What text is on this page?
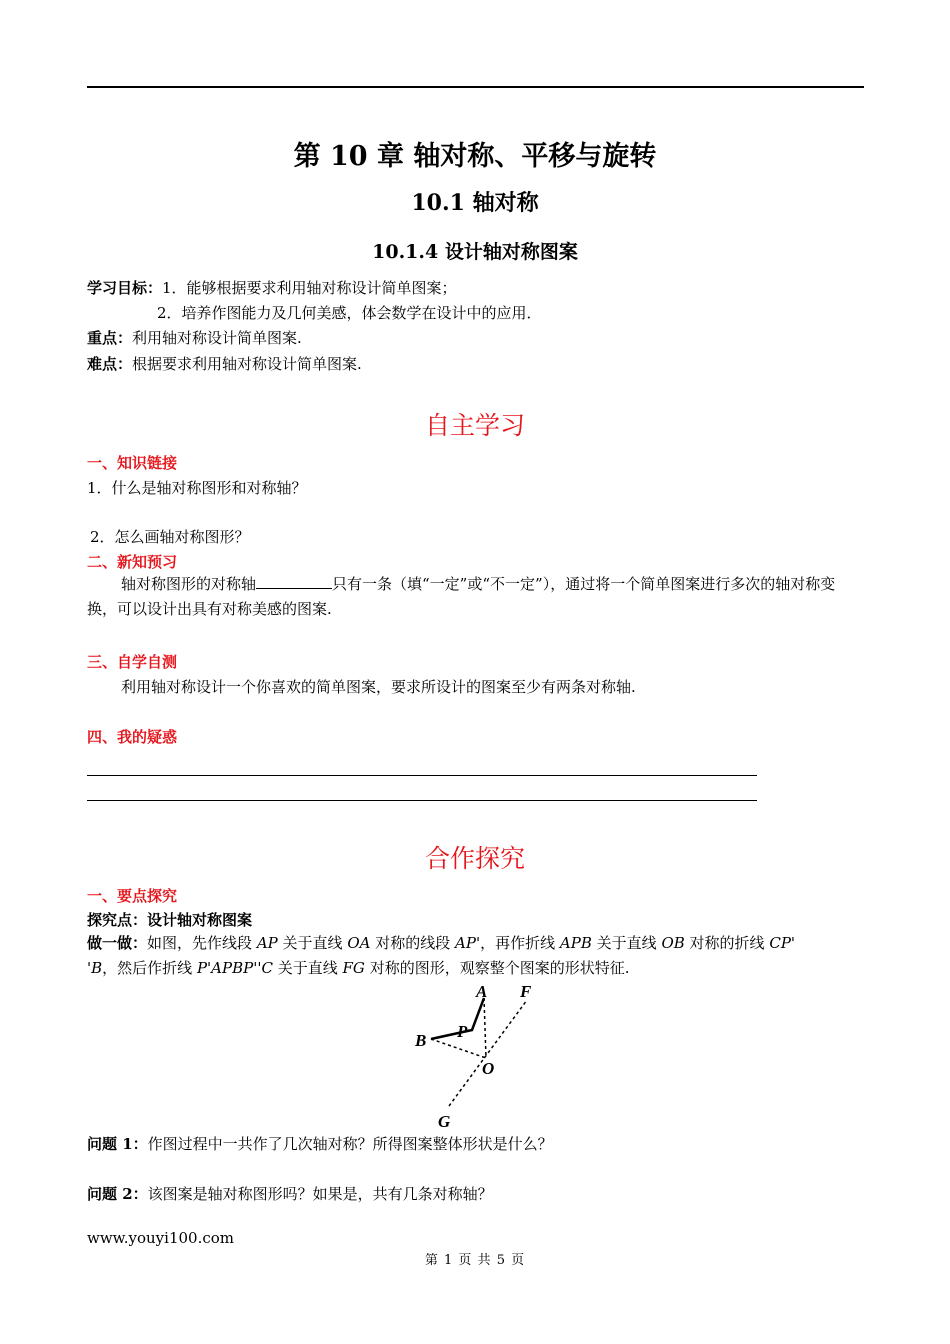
第 10 章 轴对称、平移与旋转
10.1 轴对称
10.1.4 设计轴对称图案
学习目标：1．能够根据要求利用轴对称设计简单图案；
2．培养作图能力及几何美感，体会数学在设计中的应用．
重点：利用轴对称设计简单图案.
难点：根据要求利用轴对称设计简单图案.
自主学习
一、知识链接
1．什么是轴对称图形和对称轴？
2．怎么画轴对称图形？
二、新知预习
轴对称图形的对称轴	只有一条（填“一定”或“不一定”），通过将一个简单图案进行多次的轴对称变换，可以设计出具有对称美感的图案.
三、自学自测
利用轴对称设计一个你喜欢的简单图案，要求所设计的图案至少有两条对称轴.
四、我的疑惑
合作探究
一、要点探究
探究点：设计轴对称图案
做一做：如图，先作线段 AP 关于直线 OA 对称的线段 AP'，再作折线 APB 关于直线 OB 对称的折线 CP'
'B，然后作折线 P'APBP''C 关于直线 FG 对称的图形，观察整个图案的形状特征.
A F
P
B
O
G
问题 1：作图过程中一共作了几次轴对称？所得图案整体形状是什么？
问题 2：该图案是轴对称图形吗？如果是，共有几条对称轴？
www.youyi100.com
第 1 页 共 5 页
